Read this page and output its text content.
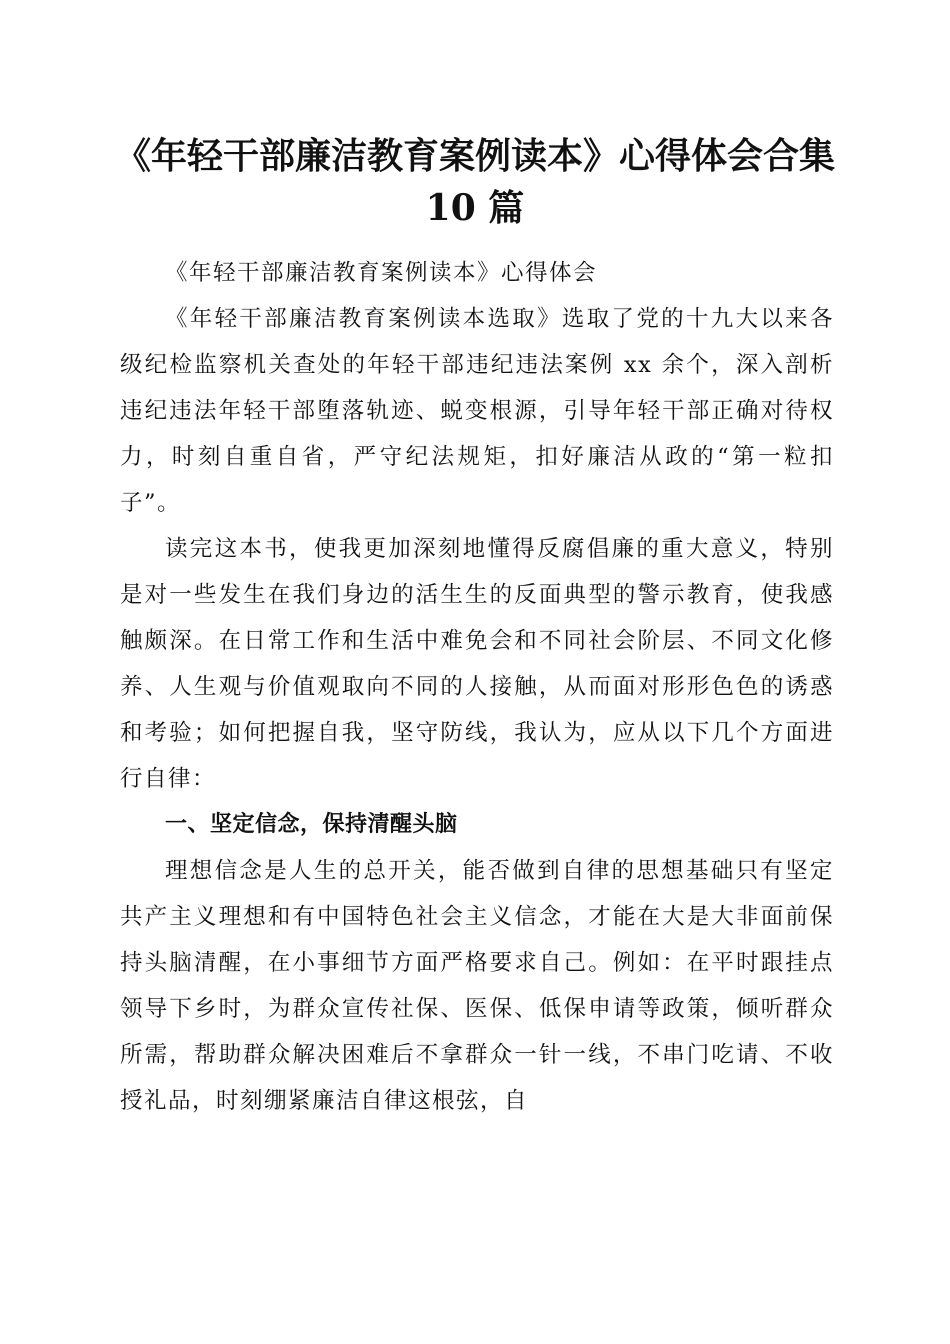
《年轻干部廉洁教育案例读本》心得体会合集
10 篇

《年轻干部廉洁教育案例读本》心得体会

《年轻干部廉洁教育案例读本选取》选取了党的十九大以来各级纪检监察机关查处的年轻干部违纪违法案例 xx 余个，深入剖析违纪违法年轻干部堕落轨迹、蜕变根源，引导年轻干部正确对待权力，时刻自重自省，严守纪法规矩，扣好廉洁从政的“第一粒扣子”。

读完这本书，使我更加深刻地懂得反腐倡廉的重大意义，特别是对一些发生在我们身边的活生生的反面典型的警示教育，使我感触颇深。在日常工作和生活中难免会和不同社会阶层、不同文化修养、人生观与价值观取向不同的人接触，从而面对形形色色的诱惑和考验；如何把握自我，坚守防线，我认为，应从以下几个方面进行自律：

一、坚定信念，保持清醒头脑

理想信念是人生的总开关，能否做到自律的思想基础只有坚定共产主义理想和有中国特色社会主义信念，才能在大是大非面前保持头脑清醒，在小事细节方面严格要求自己。例如：在平时跟挂点领导下乡时，为群众宣传社保、医保、低保申请等政策，倾听群众所需，帮助群众解决困难后不拿群众一针一线，不串门吃请、不收授礼品，时刻绷紧廉洁自律这根弦，自
